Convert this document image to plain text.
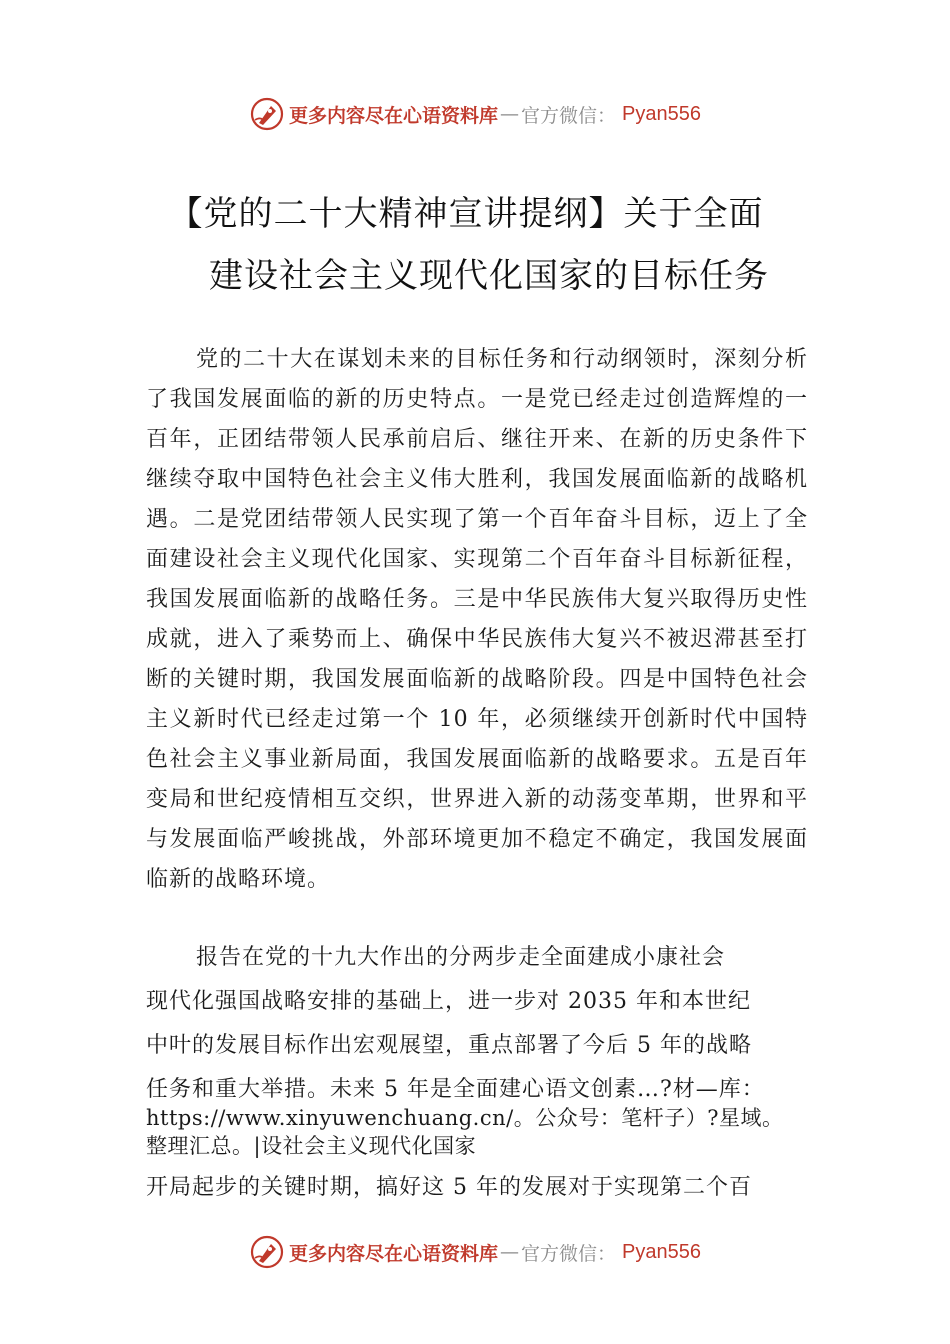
更多内容尽在心语资料库 — 官方微信： Pyan556
【党的二十大精神宣讲提纲】关于全面
建设社会主义现代化国家的目标任务

党的二十大在谋划未来的目标任务和行动纲领时，深刻分析了我国发展面临的新的历史特点。一是党已经走过创造辉煌的一百年，正团结带领人民承前启后、继往开来、在新的历史条件下继续夺取中国特色社会主义伟大胜利，我国发展面临新的战略机遇。二是党团结带领人民实现了第一个百年奋斗目标，迈上了全面建设社会主义现代化国家、实现第二个百年奋斗目标新征程，我国发展面临新的战略任务。三是中华民族伟大复兴取得历史性成就，进入了乘势而上、确保中华民族伟大复兴不被迟滞甚至打断的关键时期，我国发展面临新的战略阶段。四是中国特色社会主义新时代已经走过第一个 10 年，必须继续开创新时代中国特色社会主义事业新局面，我国发展面临新的战略要求。五是百年变局和世纪疫情相互交织，世界进入新的动荡变革期，世界和平与发展面临严峻挑战，外部环境更加不稳定不确定，我国发展面临新的战略环境。

报告在党的十九大作出的分两步走全面建成小康社会

现代化强国战略安排的基础上，进一步对 2035 年和本世纪

中叶的发展目标作出宏观展望，重点部署了今后 5 年的战略

任务和重大举措。未来 5 年是全面建心语文创素…?材—库：

https://www.xinyuwenchuang.cn/。公众号：笔杆子）?星域。

整理汇总。|设社会主义现代化国家

开局起步的关键时期，搞好这 5 年的发展对于实现第二个百

更多内容尽在心语资料库 — 官方微信： Pyan556
